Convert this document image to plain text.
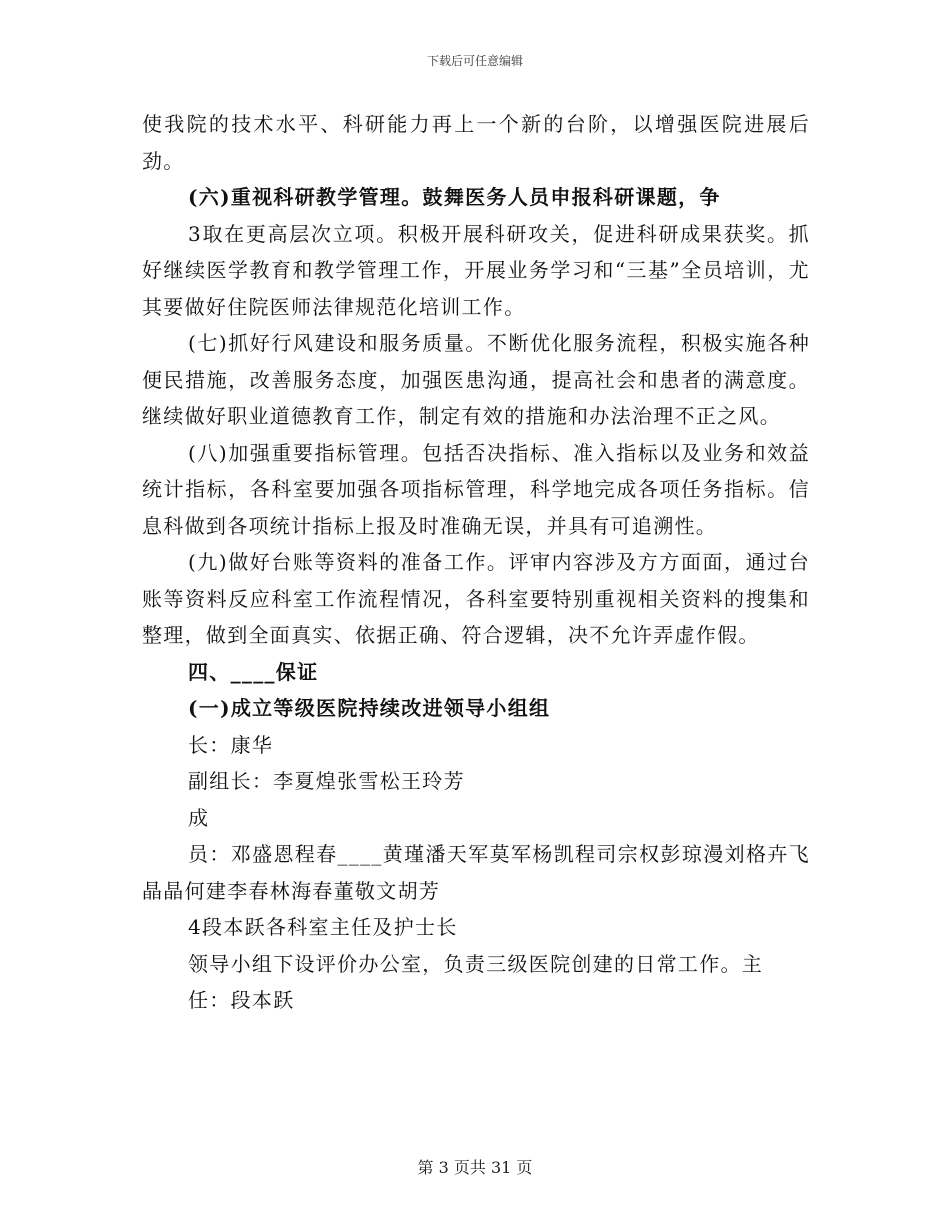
下载后可任意编辑

使我院的技术水平、科研能力再上一个新的台阶，以增强医院进展后劲。

(六)重视科研教学管理。鼓舞医务人员申报科研课题，争

3取在更高层次立项。积极开展科研攻关，促进科研成果获奖。抓好继续医学教育和教学管理工作，开展业务学习和“三基”全员培训，尤其要做好住院医师法律规范化培训工作。

(七)抓好行风建设和服务质量。不断优化服务流程，积极实施各种便民措施，改善服务态度，加强医患沟通，提高社会和患者的满意度。继续做好职业道德教育工作，制定有效的措施和办法治理不正之风。

(八)加强重要指标管理。包括否决指标、准入指标以及业务和效益统计指标，各科室要加强各项指标管理，科学地完成各项任务指标。信息科做到各项统计指标上报及时准确无误，并具有可追溯性。

(九)做好台账等资料的准备工作。评审内容涉及方方面面，通过台账等资料反应科室工作流程情况，各科室要特别重视相关资料的搜集和整理，做到全面真实、依据正确、符合逻辑，决不允许弄虚作假。

四、____保证

(一)成立等级医院持续改进领导小组组

长：康华

副组长：李夏煌张雪松王玲芳

成

员：邓盛恩程春____黄瑾潘天军莫军杨凯程司宗权彭琼漫刘格卉飞晶晶何建李春林海春董敬文胡芳

4段本跃各科室主任及护士长

领导小组下设评价办公室，负责三级医院创建的日常工作。主

任：段本跃

第 3 页共 31 页
